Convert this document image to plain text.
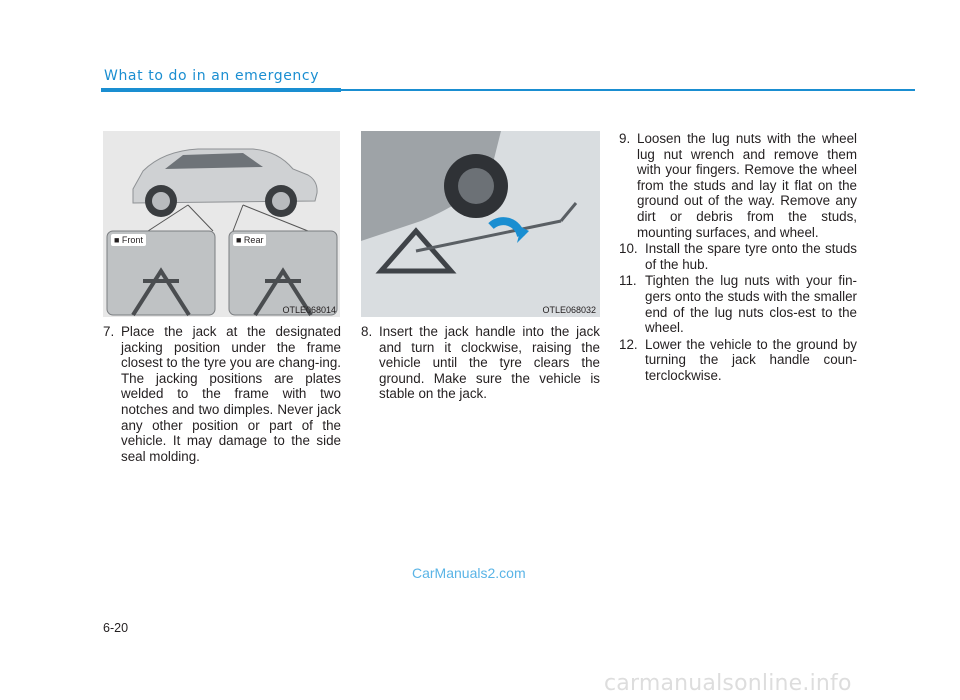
What to do in an emergency
■ Front	■ Rear
OTLE068014	OTLE068032
7. Place the jack at the designated jacking position under the frame closest to the tyre you are chang-ing. The jacking positions are plates welded to the frame with two notches and two dimples. Never jack any other position or part of the vehicle. It may damage to the side seal molding.
8. Insert the jack handle into the jack and turn it clockwise, raising the vehicle until the tyre clears the ground. Make sure the vehicle is stable on the jack.
9. Loosen the lug nuts with the wheel lug nut wrench and remove them with your fingers. Remove the wheel from the studs and lay it flat on the ground out of the way. Remove any dirt or debris from the studs, mounting surfaces, and wheel.
10. Install the spare tyre onto the studs of the hub.
11. Tighten the lug nuts with your fin-gers onto the studs with the smaller end of the lug nuts clos-est to the wheel.
12. Lower the vehicle to the ground by turning the jack handle coun-terclockwise.
CarManuals2.com
6-20
carmanualsonline.info
